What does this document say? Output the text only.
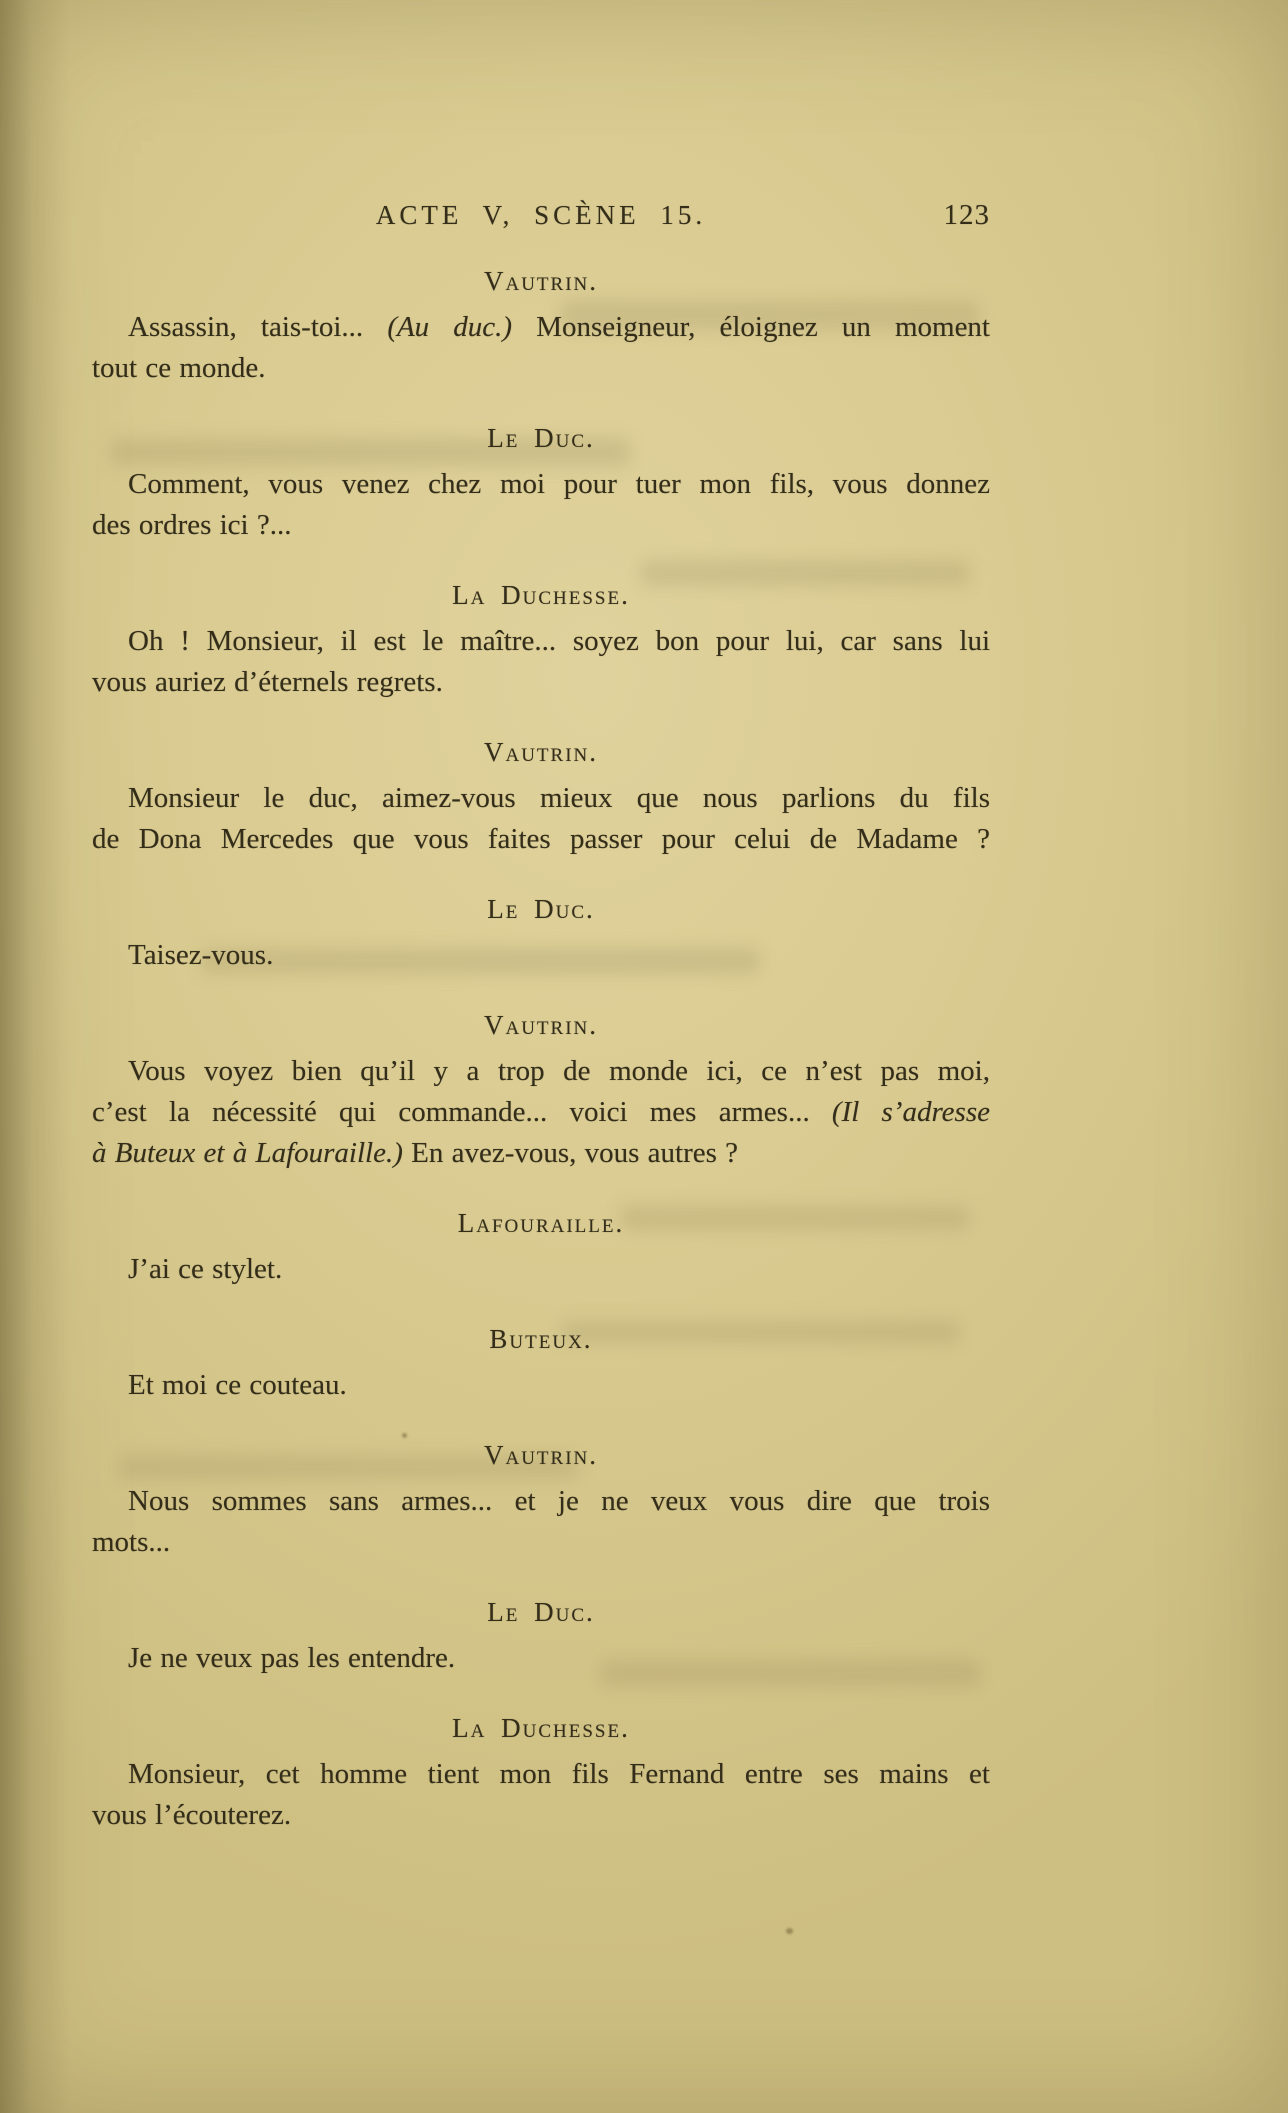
ACTE V, SCÈNE 15.	123
Vautrin.
Assassin, tais-toi... (Au duc.) Monseigneur, éloignez un moment
tout ce monde.
Le Duc.
Comment, vous venez chez moi pour tuer mon fils, vous donnez
des ordres ici ?...
La Duchesse.
Oh ! Monsieur, il est le maître... soyez bon pour lui, car sans lui
vous auriez d’éternels regrets.
Vautrin.
Monsieur le duc, aimez-vous mieux que nous parlions du fils
de Dona Mercedes que vous faites passer pour celui de Madame ?
Le Duc.
Taisez-vous.
Vautrin.
Vous voyez bien qu’il y a trop de monde ici, ce n’est pas moi,
c’est la nécessité qui commande... voici mes armes... (Il s’adresse
à Buteux et à Lafouraille.) En avez-vous, vous autres ?
Lafouraille.
J’ai ce stylet.
Buteux.
Et moi ce couteau.
Vautrin.
Nous sommes sans armes... et je ne veux vous dire que trois
mots...
Le Duc.
Je ne veux pas les entendre.
La Duchesse.
Monsieur, cet homme tient mon fils Fernand entre ses mains et
vous l’écouterez.
